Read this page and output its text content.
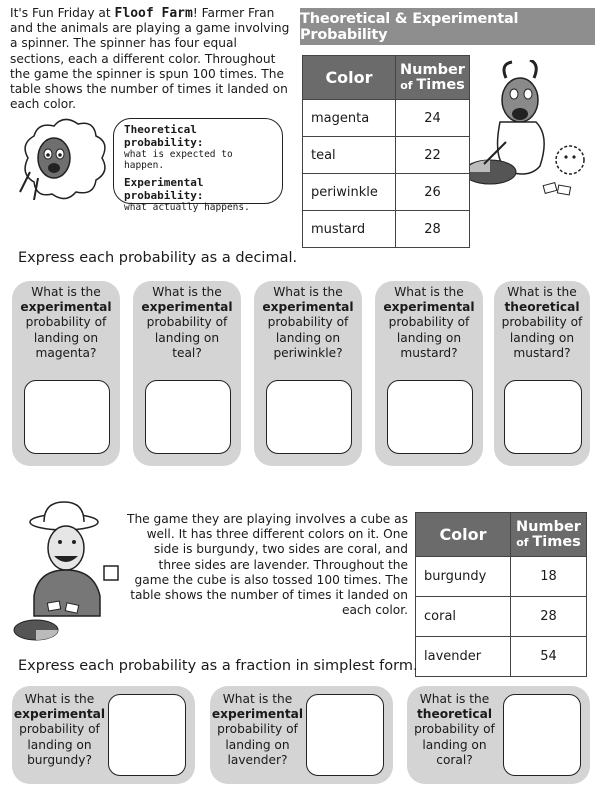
It's Fun Friday at Floof Farm! Farmer Fran and the animals are playing a game involving a spinner. The spinner has four equal sections, each a different color. Throughout the game the spinner is spun 100 times. The table shows the number of times it landed on each color.
Theoretical & Experimental Probability
Theoretical probability:
what is expected to happen.
Experimental probability:
what actually happens.
Color	Number
of Times
magenta	24
teal	22
periwinkle	26
mustard	28
Express each probability as a decimal.
What is the
experimental
probability of landing on
magenta?
What is the
experimental
probability of landing on
teal?
What is the
experimental
probability of landing on
periwinkle?
What is the
experimental
probability of landing on
mustard?
What is the
theoretical
probability of landing on
mustard?
The game they are playing involves a cube as well. It has three different colors on it. One side is burgundy, two sides are coral, and three sides are lavender. Throughout the game the cube is also tossed 100 times. The table shows the number of times it landed on each color.
Color	Number
of Times
burgundy	18
coral	28
lavender	54
Express each probability as a fraction in simplest form.
What is the
experimental
probability of
landing on
burgundy?
What is the
experimental
probability of
landing on
lavender?
What is the
theoretical
probability of
landing on
coral?
